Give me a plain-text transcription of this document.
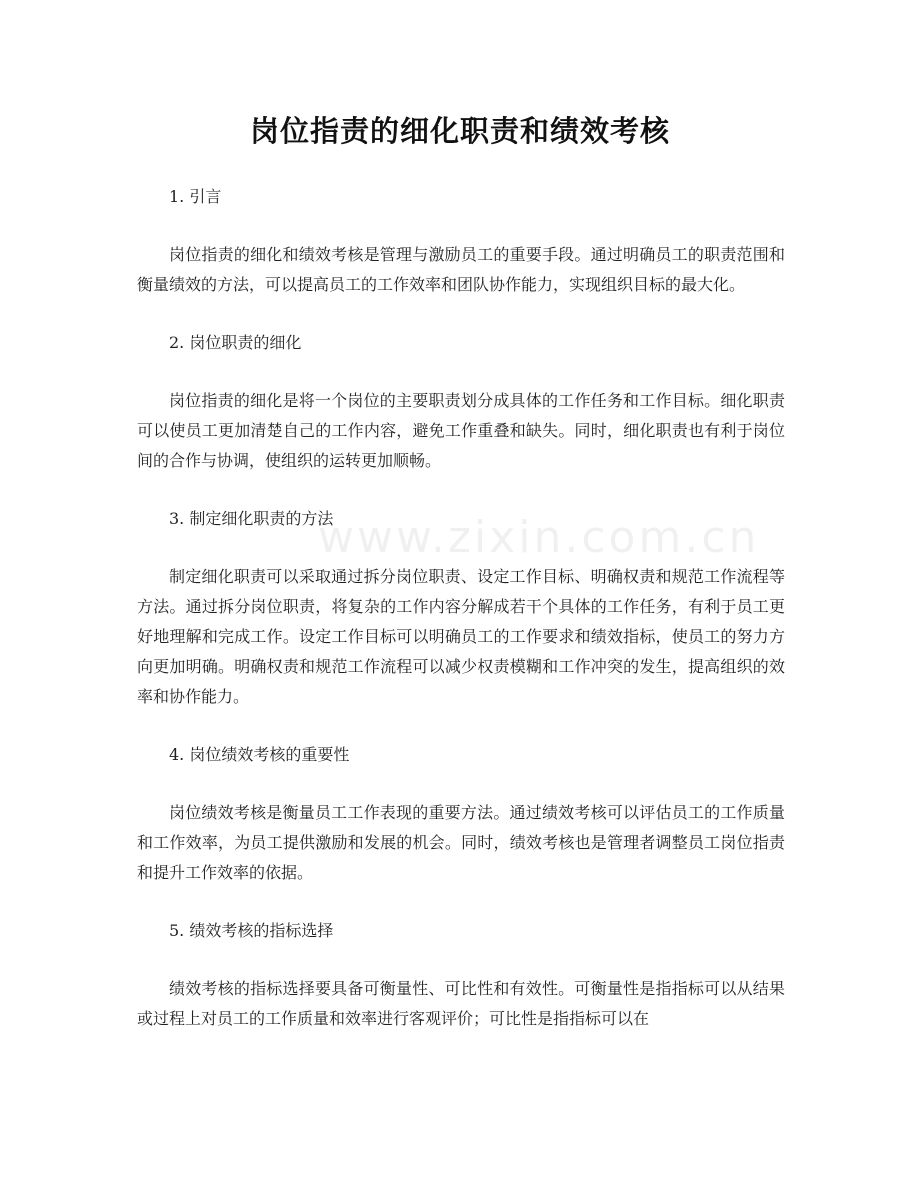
www.zixin.com.cn
岗位指责的细化职责和绩效考核
1. 引言
岗位指责的细化和绩效考核是管理与激励员工的重要手段。通过明确员工的职责范围和衡量绩效的方法，可以提高员工的工作效率和团队协作能力，实现组织目标的最大化。
2. 岗位职责的细化
岗位指责的细化是将一个岗位的主要职责划分成具体的工作任务和工作目标。细化职责可以使员工更加清楚自己的工作内容，避免工作重叠和缺失。同时，细化职责也有利于岗位间的合作与协调，使组织的运转更加顺畅。
3. 制定细化职责的方法
制定细化职责可以采取通过拆分岗位职责、设定工作目标、明确权责和规范工作流程等方法。通过拆分岗位职责，将复杂的工作内容分解成若干个具体的工作任务，有利于员工更好地理解和完成工作。设定工作目标可以明确员工的工作要求和绩效指标，使员工的努力方向更加明确。明确权责和规范工作流程可以减少权责模糊和工作冲突的发生，提高组织的效率和协作能力。
4. 岗位绩效考核的重要性
岗位绩效考核是衡量员工工作表现的重要方法。通过绩效考核可以评估员工的工作质量和工作效率，为员工提供激励和发展的机会。同时，绩效考核也是管理者调整员工岗位指责和提升工作效率的依据。
5. 绩效考核的指标选择
绩效考核的指标选择要具备可衡量性、可比性和有效性。可衡量性是指指标可以从结果或过程上对员工的工作质量和效率进行客观评价；可比性是指指标可以在
